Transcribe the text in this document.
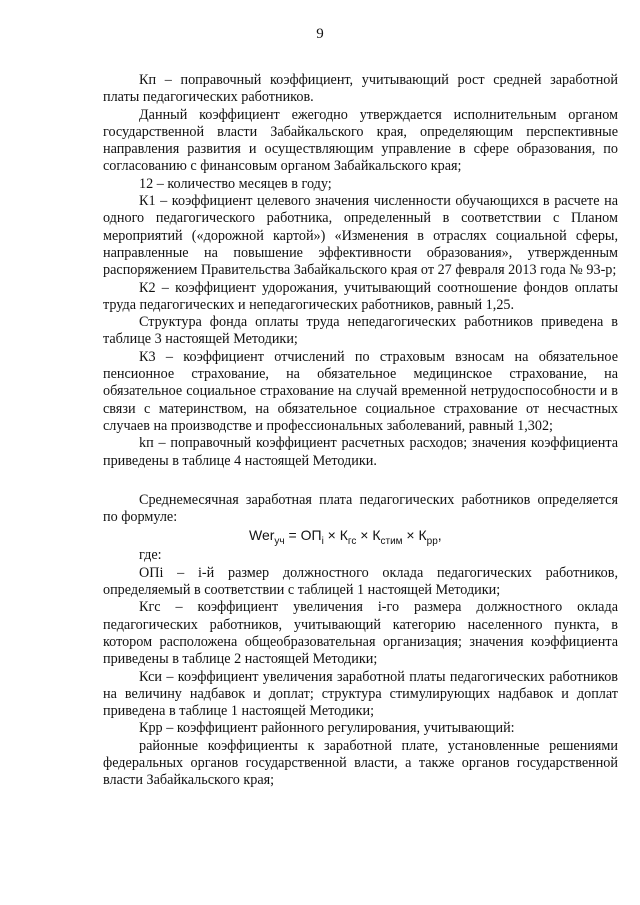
9

Кп – поправочный коэффициент, учитывающий рост средней заработной платы педагогических работников.

Данный коэффициент ежегодно утверждается исполнительным органом государственной власти Забайкальского края, определяющим перспективные направления развития и осуществляющим управление в сфере образования, по согласованию с финансовым органом Забайкальского края;

12 – количество месяцев в году;

К1 – коэффициент целевого значения численности обучающихся в расчете на одного педагогического работника, определенный в соответствии с Планом мероприятий («дорожной картой») «Изменения в отраслях социальной сферы, направленные на повышение эффективности образования», утвержденным распоряжением Правительства Забайкальского края от 27 февраля 2013 года № 93-р;

К2 – коэффициент удорожания, учитывающий соотношение фондов оплаты труда педагогических и непедагогических работников, равный 1,25.

Структура фонда оплаты труда непедагогических работников приведена в таблице 3 настоящей Методики;

К3 – коэффициент отчислений по страховым взносам на обязательное пенсионное страхование, на обязательное медицинское страхование, на обязательное социальное страхование на случай временной нетрудоспособности и в связи с материнством, на обязательное социальное страхование от несчастных случаев на производстве и профессиональных заболеваний, равный 1,302;

kп – поправочный коэффициент расчетных расходов; значения коэффициента приведены в таблице 4 настоящей Методики.

Среднемесячная заработная плата педагогических работников определяется по формуле:

$Wer_{уч} = ОП_i \times К_{гс} \times К_{стим} \times К_{рр}$,

где:

ОПi – i-й размер должностного оклада педагогических работников, определяемый в соответствии с таблицей 1 настоящей Методики;

Кгс – коэффициент увеличения i-го размера должностного оклада педагогических работников, учитывающий категорию населенного пункта, в котором расположена общеобразовательная организация; значения коэффициента приведены в таблице 2 настоящей Методики;

Кси – коэффициент увеличения заработной платы педагогических работников на величину надбавок и доплат; структура стимулирующих надбавок и доплат приведена в таблице 1 настоящей Методики;

Крр – коэффициент районного регулирования, учитывающий:

районные коэффициенты к заработной плате, установленные решениями федеральных органов государственной власти, а также органов государственной власти Забайкальского края;
